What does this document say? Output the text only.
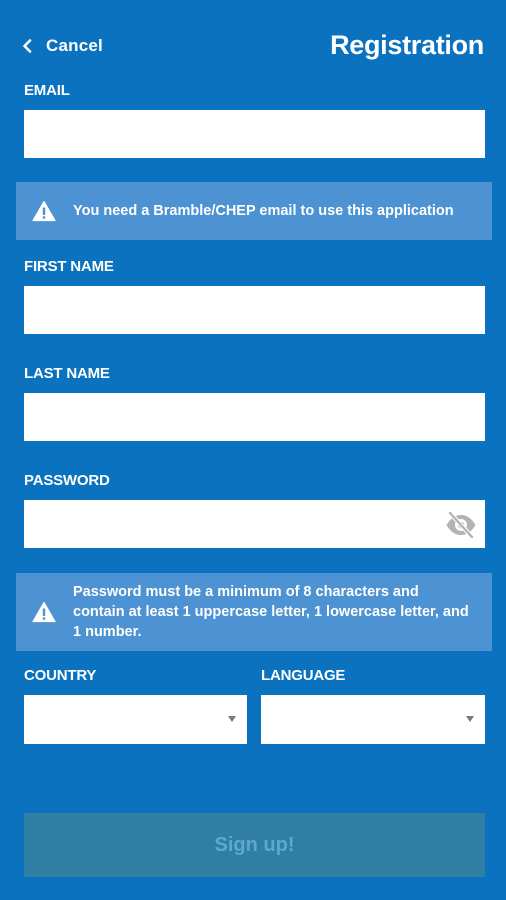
Cancel	Registration
EMAIL
You need a Bramble/CHEP email to use this application
FIRST NAME
LAST NAME
PASSWORD
Password must be a minimum of 8 characters and contain at least 1 uppercase letter, 1 lowercase letter, and 1 number.
COUNTRY	LANGUAGE
Sign up!
